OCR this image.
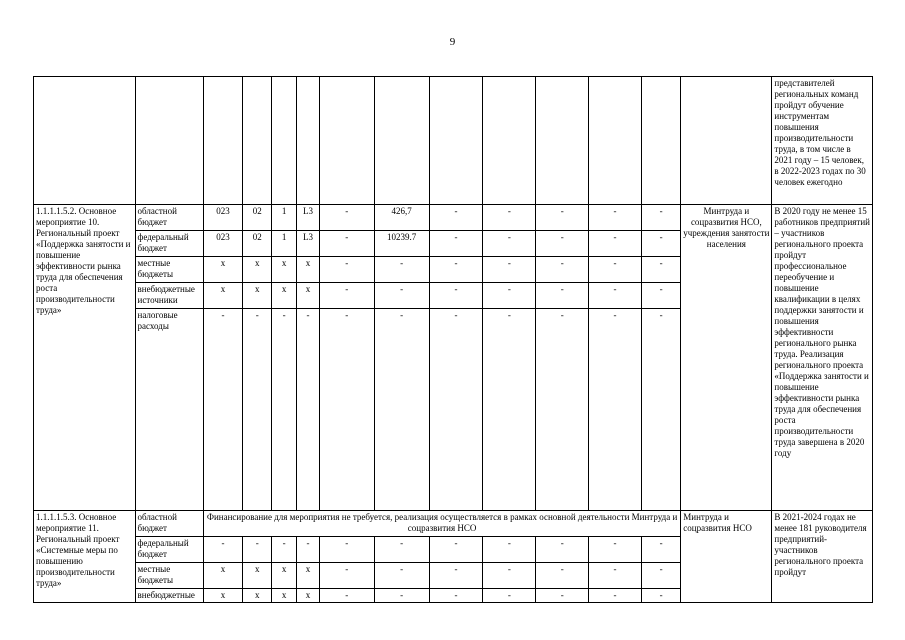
9
														представителей региональных команд пройдут обучение инструментам повышения производительности труда, в том числе в 2021 году – 15 человек, в 2022-2023 годах по 30 человек ежегодно
1.1.1.1.5.2. Основное мероприятие 10. Региональный проект «Поддержка занятости и повышение эффективности рынка труда для обеспечения роста производительности труда»	областной бюджет	023	02	1	L3	-	426,7	-	-	-	-	-	Минтруда и соцразвития НСО, учреждения занятости населения	В 2020 году не менее 15 работников предприятий – участников регионального проекта пройдут профессиональное переобучение и повышение квалификации в целях поддержки занятости и повышения эффективности регионального рынка труда. Реализация регионального проекта «Поддержка занятости и повышение эффективности рынка труда для обеспечения роста производительности труда завершена в 2020 году
	федеральный бюджет	023	02	1	L3	-	10239.7	-	-	-	-	-		
	местные бюджеты	x	x	x	x	-	-	-	-	-	-	-		
	внебюджетные источники	x	x	x	x	-	-	-	-	-	-	-		
	налоговые расходы	-	-	-	-	-	-	-	-	-	-	-		
1.1.1.1.5.3. Основное мероприятие 11. Региональный проект «Системные меры по повышению производительности труда»	областной бюджет	Финансирование для мероприятия не требуется, реализация осуществляется в рамках основной деятельности Минтруда и соцразвития НСО											Минтруда и соцразвития НСО	В 2021-2024 годах не менее 181 руководителя предприятий-участников регионального проекта пройдут
	федеральный бюджет	-	-	-	-	-	-	-	-	-	-	-		
	местные бюджеты	x	x	x	x	-	-	-	-	-	-	-		
	внебюджетные	x	x	x	x	-	-	-	-	-	-	-		
